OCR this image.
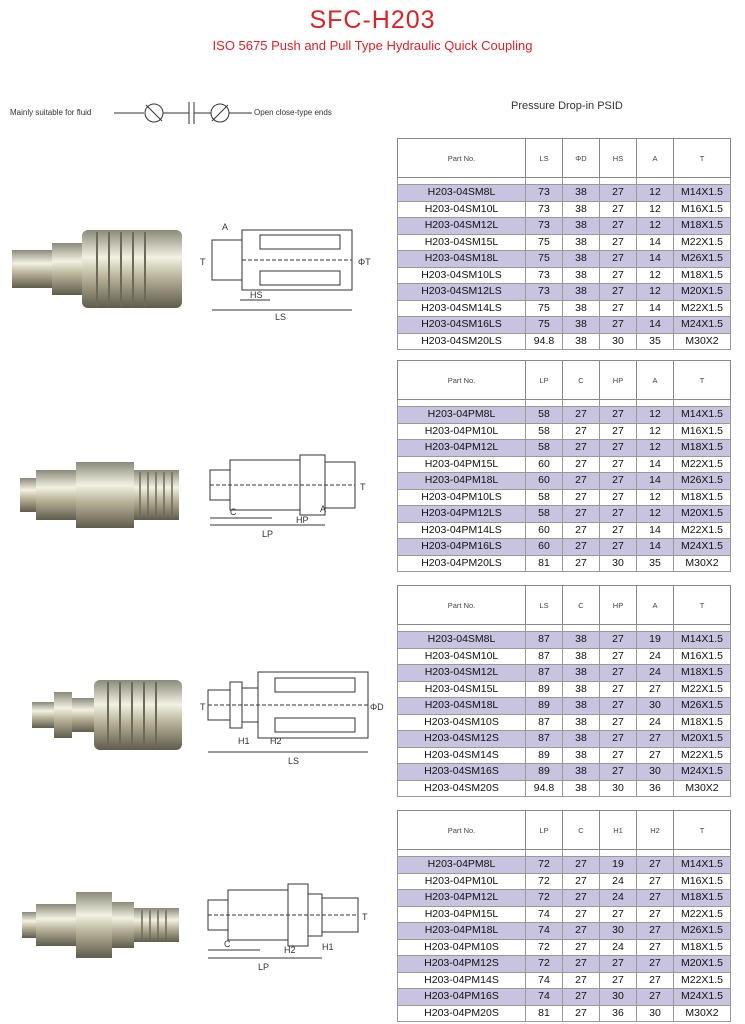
SFC-H203
ISO 5675 Push and Pull Type Hydraulic Quick Coupling
Mainly suitable for fluid	Open close-type ends
Pressure Drop-in PSID
A
T
HS
LS
ΦT
Part No.	LS	ΦD	HS	A	T

H203-04SM8L	73	38	27	12	M14X1.5
H203-04SM10L	73	38	27	12	M16X1.5
H203-04SM12L	73	38	27	12	M18X1.5
H203-04SM15L	75	38	27	14	M22X1.5
H203-04SM18L	75	38	27	14	M26X1.5
H203-04SM10LS	73	38	27	12	M18X1.5
H203-04SM12LS	73	38	27	12	M20X1.5
H203-04SM14LS	75	38	27	14	M22X1.5
H203-04SM16LS	75	38	27	14	M24X1.5
H203-04SM20LS	94.8	38	30	35	M30X2
C
LP
HP
A
T
Part No.	LP	C	HP	A	T

H203-04PM8L	58	27	27	12	M14X1.5
H203-04PM10L	58	27	27	12	M16X1.5
H203-04PM12L	58	27	27	12	M18X1.5
H203-04PM15L	60	27	27	14	M22X1.5
H203-04PM18L	60	27	27	14	M26X1.5
H203-04PM10LS	58	27	27	12	M18X1.5
H203-04PM12LS	58	27	27	12	M20X1.5
H203-04PM14LS	60	27	27	14	M22X1.5
H203-04PM16LS	60	27	27	14	M24X1.5
H203-04PM20LS	81	27	30	35	M30X2
T
H1 H2
LS
ΦD
Part No.	LS	C	HP	A	T

H203-04SM8L	87	38	27	19	M14X1.5
H203-04SM10L	87	38	27	24	M16X1.5
H203-04SM12L	87	38	27	24	M18X1.5
H203-04SM15L	89	38	27	27	M22X1.5
H203-04SM18L	89	38	27	30	M26X1.5
H203-04SM10S	87	38	27	24	M18X1.5
H203-04SM12S	87	38	27	27	M20X1.5
H203-04SM14S	89	38	27	27	M22X1.5
H203-04SM16S	89	38	27	30	M24X1.5
H203-04SM20S	94.8	38	30	36	M30X2
C
LP
H2	H1
T
Part No.	LP	C	H1	H2	T

H203-04PM8L	72	27	19	27	M14X1.5
H203-04PM10L	72	27	24	27	M16X1.5
H203-04PM12L	72	27	24	27	M18X1.5
H203-04PM15L	74	27	27	27	M22X1.5
H203-04PM18L	74	27	30	27	M26X1.5
H203-04PM10S	72	27	24	27	M18X1.5
H203-04PM12S	72	27	27	27	M20X1.5
H203-04PM14S	74	27	27	27	M22X1.5
H203-04PM16S	74	27	30	27	M24X1.5
H203-04PM20S	81	27	36	30	M30X2
